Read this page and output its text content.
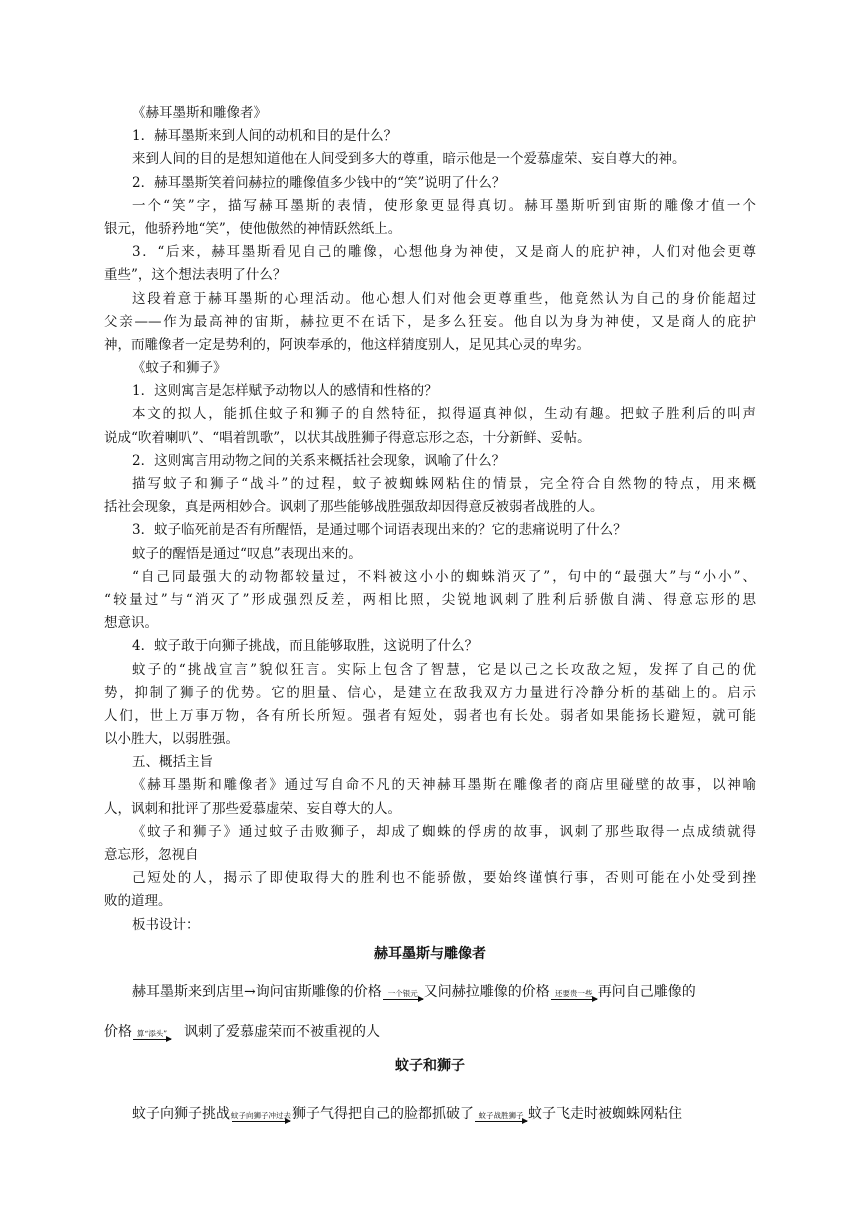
《赫耳墨斯和雕像者》
1．赫耳墨斯来到人间的动机和目的是什么？
来到人间的目的是想知道他在人间受到多大的尊重，暗示他是一个爱慕虚荣、妄自尊大的神。
2．赫耳墨斯笑着问赫拉的雕像值多少钱中的“笑”说明了什么？
一个“笑”字，描写赫耳墨斯的表情，使形象更显得真切。赫耳墨斯听到宙斯的雕像才值一个
银元，他骄矜地“笑”，使他傲然的神情跃然纸上。
3．“后来，赫耳墨斯看见自己的雕像，心想他身为神使，又是商人的庇护神，人们对他会更尊
重些”，这个想法表明了什么？
这段着意于赫耳墨斯的心理活动。他心想人们对他会更尊重些，他竟然认为自己的身价能超过
父亲——作为最高神的宙斯，赫拉更不在话下，是多么狂妄。他自以为身为神使，又是商人的庇护
神，而雕像者一定是势利的，阿谀奉承的，他这样猜度别人，足见其心灵的卑劣。
《蚊子和狮子》
1．这则寓言是怎样赋予动物以人的感情和性格的？
本文的拟人，能抓住蚊子和狮子的自然特征，拟得逼真神似，生动有趣。把蚊子胜利后的叫声
说成“吹着喇叭”、“唱着凯歌”，以状其战胜狮子得意忘形之态，十分新鲜、妥帖。
2．这则寓言用动物之间的关系来概括社会现象，讽喻了什么？
描写蚊子和狮子“战斗”的过程，蚊子被蜘蛛网粘住的情景，完全符合自然物的特点，用来概
括社会现象，真是两相妙合。讽刺了那些能够战胜强敌却因得意反被弱者战胜的人。
3．蚊子临死前是否有所醒悟，是通过哪个词语表现出来的？它的悲痛说明了什么？
蚊子的醒悟是通过“叹息”表现出来的。
“自己同最强大的动物都较量过，不料被这小小的蜘蛛消灭了”，句中的“最强大”与“小小”、
“较量过”与“消灭了”形成强烈反差，两相比照，尖锐地讽刺了胜利后骄傲自满、得意忘形的思
想意识。
4．蚊子敢于向狮子挑战，而且能够取胜，这说明了什么？
蚊子的“挑战宣言”貌似狂言。实际上包含了智慧，它是以己之长攻敌之短，发挥了自己的优
势，抑制了狮子的优势。它的胆量、信心，是建立在敌我双方力量进行冷静分析的基础上的。启示
人们，世上万事万物，各有所长所短。强者有短处，弱者也有长处。弱者如果能扬长避短，就可能
以小胜大，以弱胜强。
五、概括主旨
《赫耳墨斯和雕像者》通过写自命不凡的天神赫耳墨斯在雕像者的商店里碰壁的故事，以神喻
人，讽刺和批评了那些爱慕虚荣、妄自尊大的人。
《蚊子和狮子》通过蚊子击败狮子，却成了蜘蛛的俘虏的故事，讽刺了那些取得一点成绩就得
意忘形，忽视自
己短处的人，揭示了即使取得大的胜利也不能骄傲，要始终谨慎行事，否则可能在小处受到挫
败的道理。
板书设计：
赫耳墨斯与雕像者
赫耳墨斯来到店里→询问宙斯雕像的价格 一个银元 又问赫拉雕像的价格 还要贵一些 再问自己雕像的
价格 算“添头” 讽刺了爱慕虚荣而不被重视的人
蚊子和狮子
蚊子向狮子挑战 蚊子向狮子冲过去 狮子气得把自己的脸都抓破了 蚊子战胜狮子 蚊子飞走时被蜘蛛网粘住
